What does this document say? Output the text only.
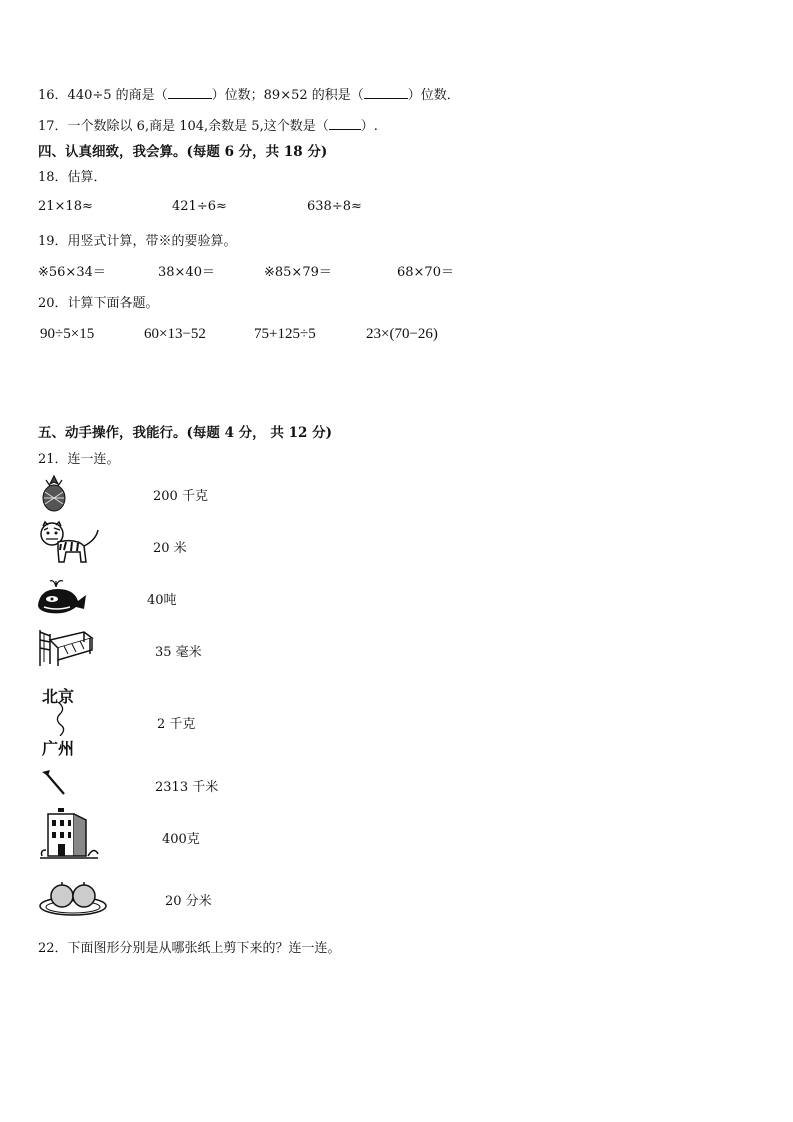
16．440÷5 的商是（	）位数；89×52 的积是（	）位数．
17．一个数除以 6,商是 104,余数是 5,这个数是（ ）.
四、认真细致，我会算。(每题 6 分，共 18 分)
18．估算．
21×18≈	421÷6≈	638÷8≈
19．用竖式计算，带※的要验算。
※56×34＝	38×40＝	※85×79＝	68×70＝
20．计算下面各题。
90÷5×15	60×13−52	75+125÷5	23×(70−26)
五、动手操作，我能行。(每题 4 分， 共 12 分)
21．连一连。
北京
广州
200 千克
20 米
40吨
35 毫米
2 千克
2313 千米
400克
20 分米
22．下面图形分别是从哪张纸上剪下来的？连一连。
